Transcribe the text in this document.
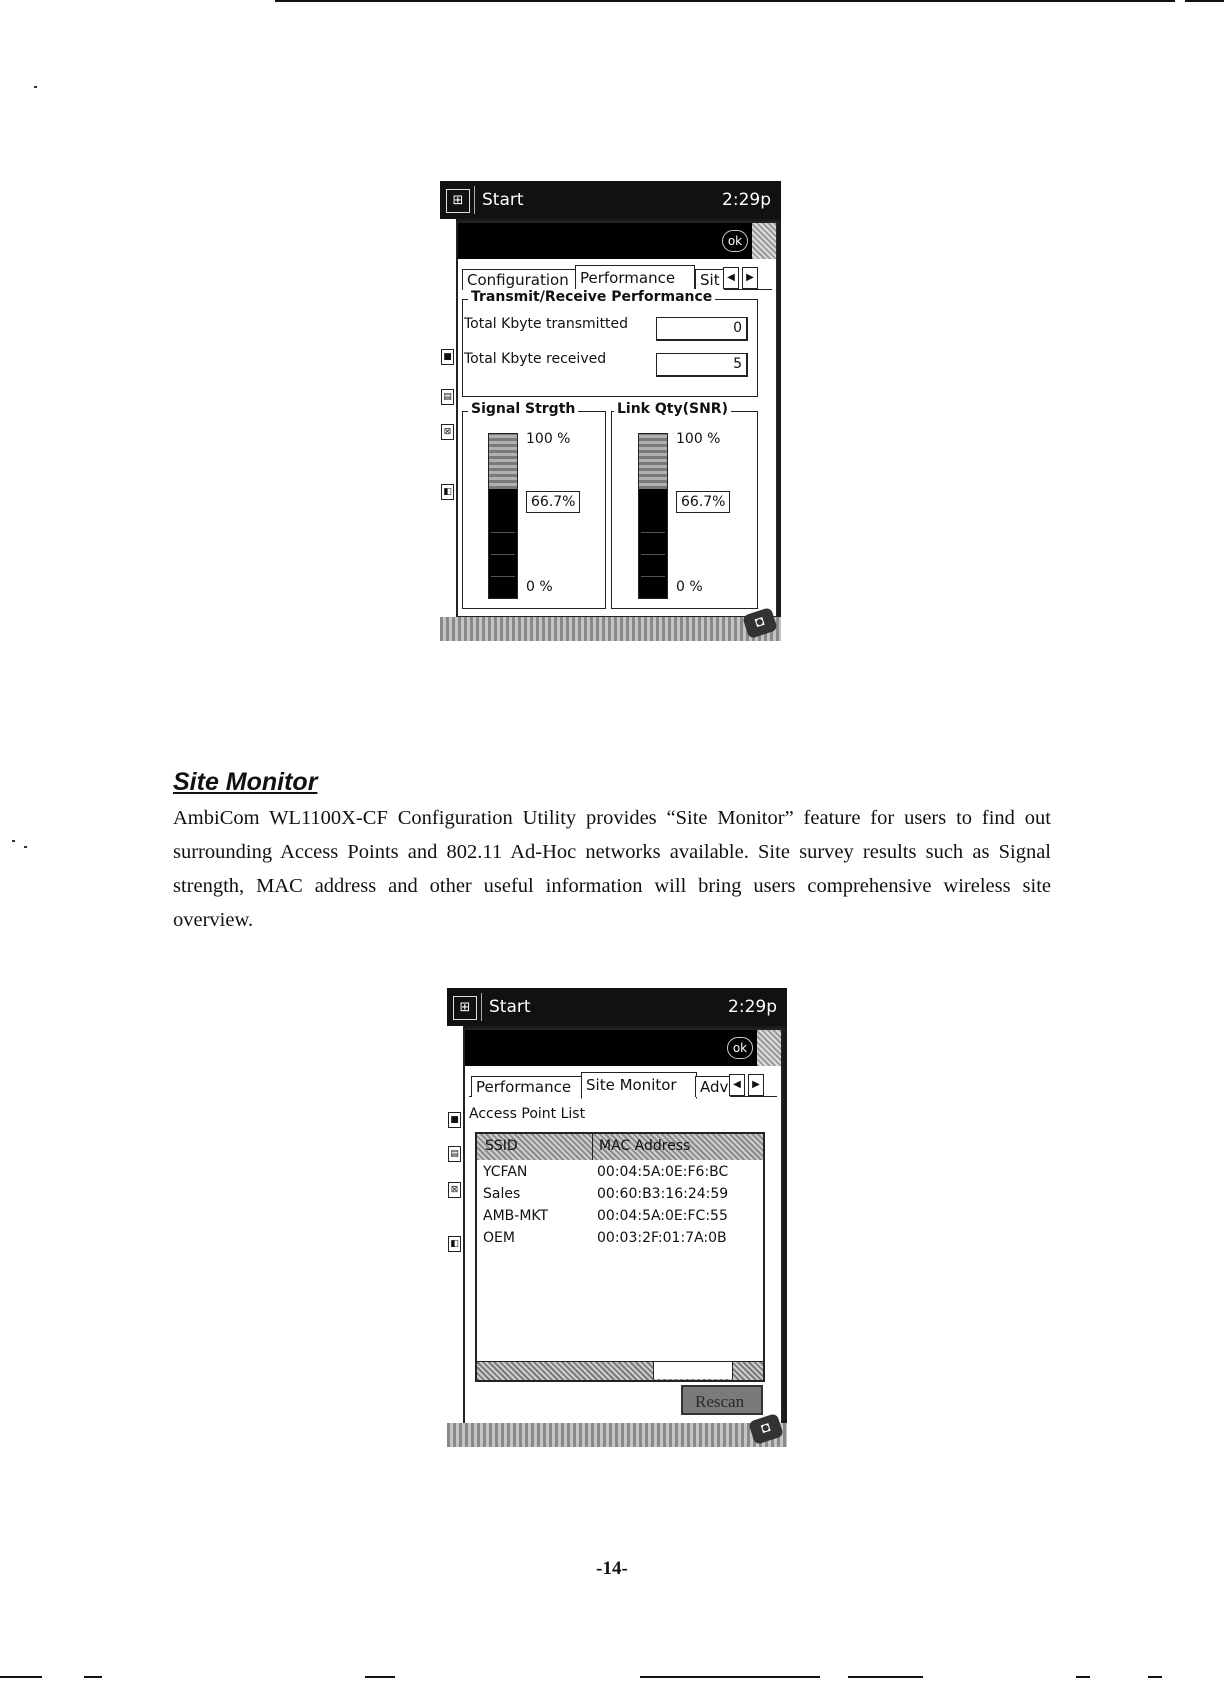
⊞	Start	2:29p
■
▤
⊠
◧
ok
Configuration Performance	Sit ◀	▶
Transmit/Receive Performance
Total Kbyte transmitted	0
Total Kbyte received	5
Signal Strgth
100 %
66.7%
0 %
Link Qty(SNR)
100 %
66.7%
0 %
◘
Site Monitor

AmbiCom WL1100X-CF Configuration Utility provides “Site Monitor” feature for users to find out surrounding Access Points and 802.11 Ad-Hoc networks available. Site survey results such as Signal strength, MAC address and other useful information will bring users comprehensive wireless site overview.

⊞	Start	2:29p
■
▤
⊠
◧
ok
Performance Site Monitor	Adv ◀	▶
Access Point List
SSID	MAC Address
YCFAN	00:04:5A:0E:F6:BC
Sales	00:60:B3:16:24:59
AMB-MKT	00:04:5A:0E:FC:55
OEM	00:03:2F:01:7A:0B
Rescan
◘
-14-
